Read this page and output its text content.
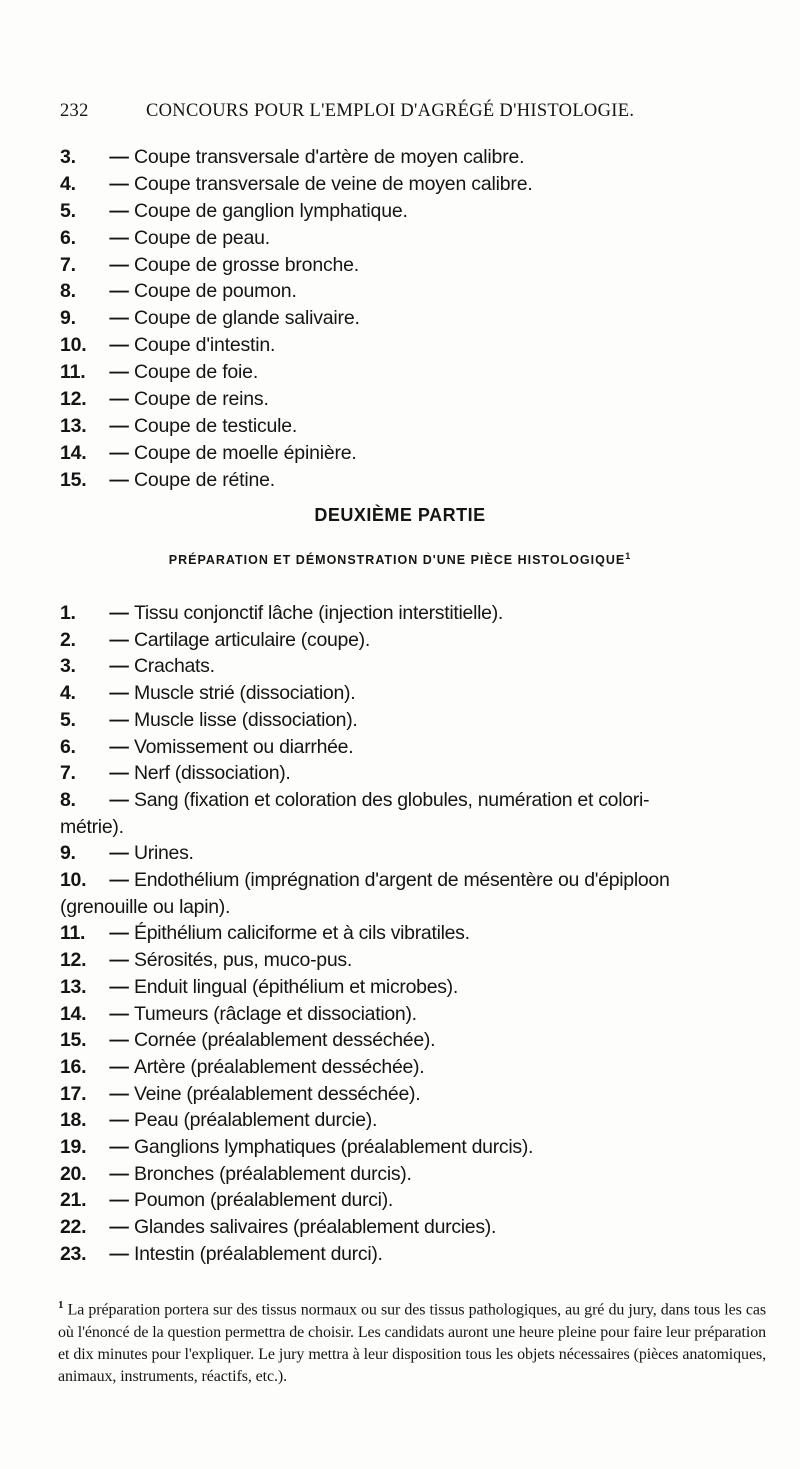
232	CONCOURS POUR L'EMPLOI D'AGRÉGÉ D'HISTOLOGIE.
3. — Coupe transversale d'artère de moyen calibre.
4. — Coupe transversale de veine de moyen calibre.
5. — Coupe de ganglion lymphatique.
6. — Coupe de peau.
7. — Coupe de grosse bronche.
8. — Coupe de poumon.
9. — Coupe de glande salivaire.
10. — Coupe d'intestin.
11. — Coupe de foie.
12. — Coupe de reins.
13. — Coupe de testicule.
14. — Coupe de moelle épinière.
15. — Coupe de rétine.
DEUXIÈME PARTIE
PRÉPARATION ET DÉMONSTRATION D'UNE PIÈCE HISTOLOGIQUE$^1$
1. — Tissu conjonctif lâche (injection interstitielle).
2. — Cartilage articulaire (coupe).
3. — Crachats.
4. — Muscle strié (dissociation).
5. — Muscle lisse (dissociation).
6. — Vomissement ou diarrhée.
7. — Nerf (dissociation).
8. — Sang (fixation et coloration des globules, numération et colori-
métrie).
9. — Urines.
10. — Endothélium (imprégnation d'argent de mésentère ou d'épiploon
(grenouille ou lapin).
11. — Épithélium caliciforme et à cils vibratiles.
12. — Sérosités, pus, muco-pus.
13. — Enduit lingual (épithélium et microbes).
14. — Tumeurs (râclage et dissociation).
15. — Cornée (préalablement desséchée).
16. — Artère (préalablement desséchée).
17. — Veine (préalablement desséchée).
18. — Peau (préalablement durcie).
19. — Ganglions lymphatiques (préalablement durcis).
20. — Bronches (préalablement durcis).
21. — Poumon (préalablement durci).
22. — Glandes salivaires (préalablement durcies).
23. — Intestin (préalablement durci).
$^1$ La préparation portera sur des tissus normaux ou sur des tissus pathologiques, au gré du jury, dans tous les cas où l'énoncé de la question permettra de choisir. Les candidats auront une heure pleine pour faire leur préparation et dix minutes pour l'expliquer. Le jury mettra à leur disposition tous les objets nécessaires (pièces anatomiques, animaux, instruments, réactifs, etc.).
